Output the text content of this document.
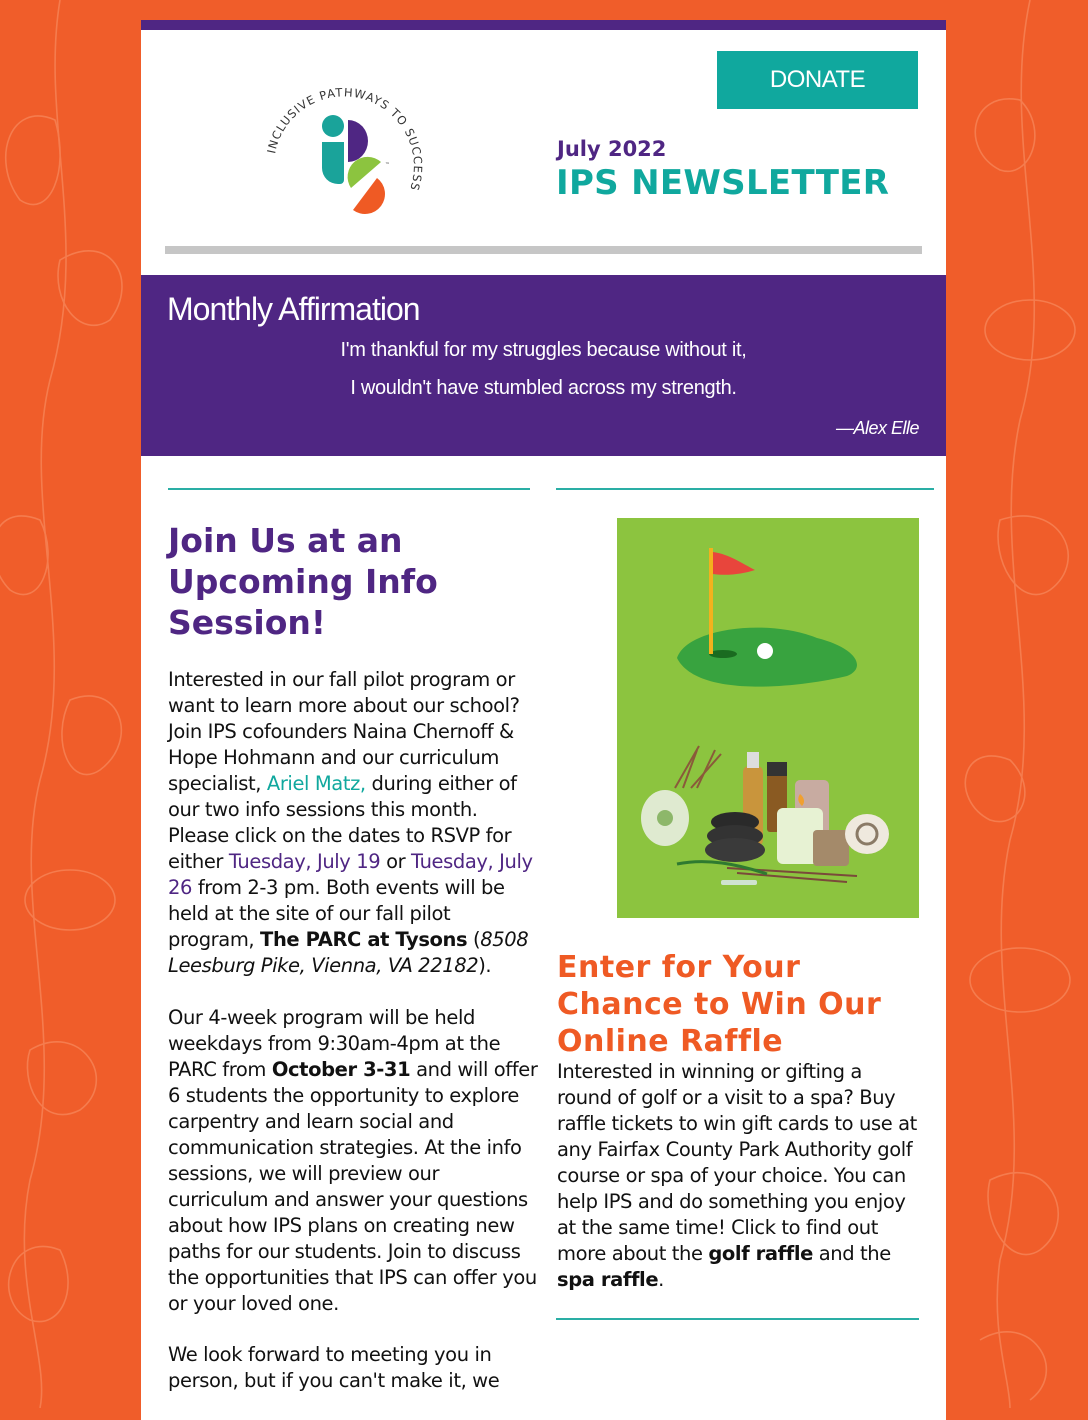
INCLUSIVE PATHWAYS TO SUCCESS
™
DONATE
July 2022
IPS NEWSLETTER
Monthly Affirmation
I'm thankful for my struggles because without it,
I wouldn't have stumbled across my strength.
—Alex Elle
Join Us at an Upcoming Info Session!

Interested in our fall pilot program or want to learn more about our school? Join IPS cofounders Naina Chernoff & Hope Hohmann and our curriculum specialist, Ariel Matz, during either of our two info sessions this month. Please click on the dates to RSVP for either Tuesday, July 19 or Tuesday, July 26 from 2-3 pm. Both events will be held at the site of our fall pilot program, The PARC at Tysons (8508 Leesburg Pike, Vienna, VA 22182).

Our 4-week program will be held weekdays from 9:30am-4pm at the PARC from October 3-31 and will offer 6 students the opportunity to explore carpentry and learn social and communication strategies. At the info sessions, we will preview our curriculum and answer your questions about how IPS plans on creating new paths for our students. Join to discuss the opportunities that IPS can offer you or your loved one.

We look forward to meeting you in person, but if you can't make it, we

Enter for Your Chance to Win Our Online Raffle

Interested in winning or gifting a round of golf or a visit to a spa? Buy raffle tickets to win gift cards to use at any Fairfax County Park Authority golf course or spa of your choice. You can help IPS and do something you enjoy at the same time! Click to find out more about the golf raffle and the spa raffle.
